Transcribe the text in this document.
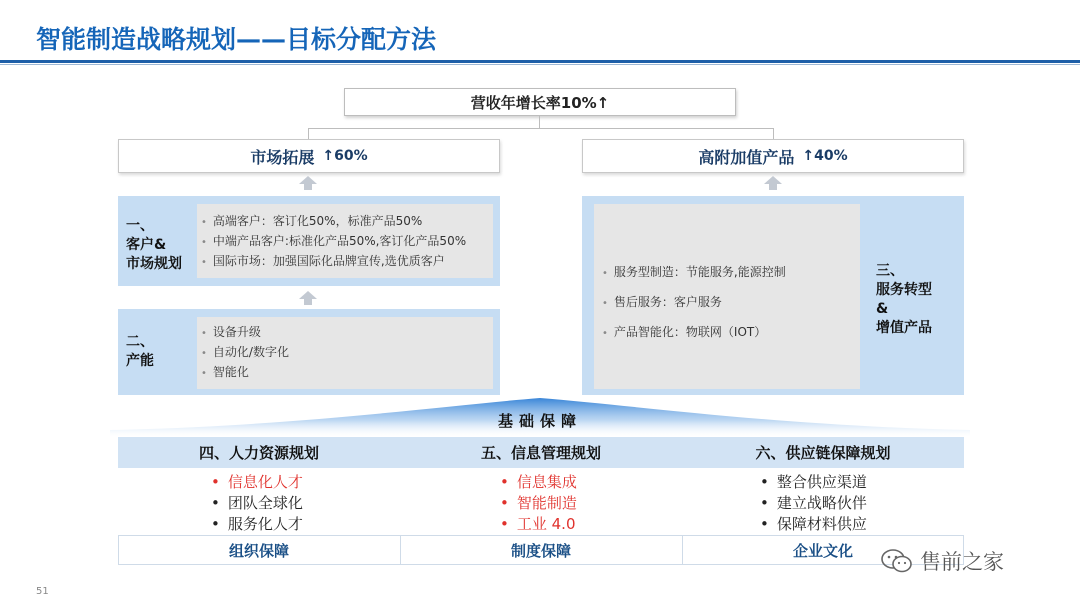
智能制造战略规划——目标分配方法
营收年增长率10%↑
市场拓展 ↑60%	高附加值产品 ↑40%
一、
客户&
市场规划
• 高端客户：客订化50%，标准产品50%
• 中端产品客户:标准化产品50%,客订化产品50%
• 国际市场：加强国际化品牌宣传,选优质客户
二、
产能
• 设备升级
• 自动化/数字化
• 智能化
• 服务型制造：节能服务,能源控制
• 售后服务：客户服务
• 产品智能化：物联网（IOT）
三、
服务转型
&
增值产品
基础保障
四、人力资源规划	五、信息管理规划	六、供应链保障规划
• 信息化人才
• 团队全球化
• 服务化人才
• 信息集成
• 智能制造
• 工业 4.0
• 整合供应渠道
• 建立战略伙伴
• 保障材料供应
组织保障	制度保障	企业文化
51
售前之家
